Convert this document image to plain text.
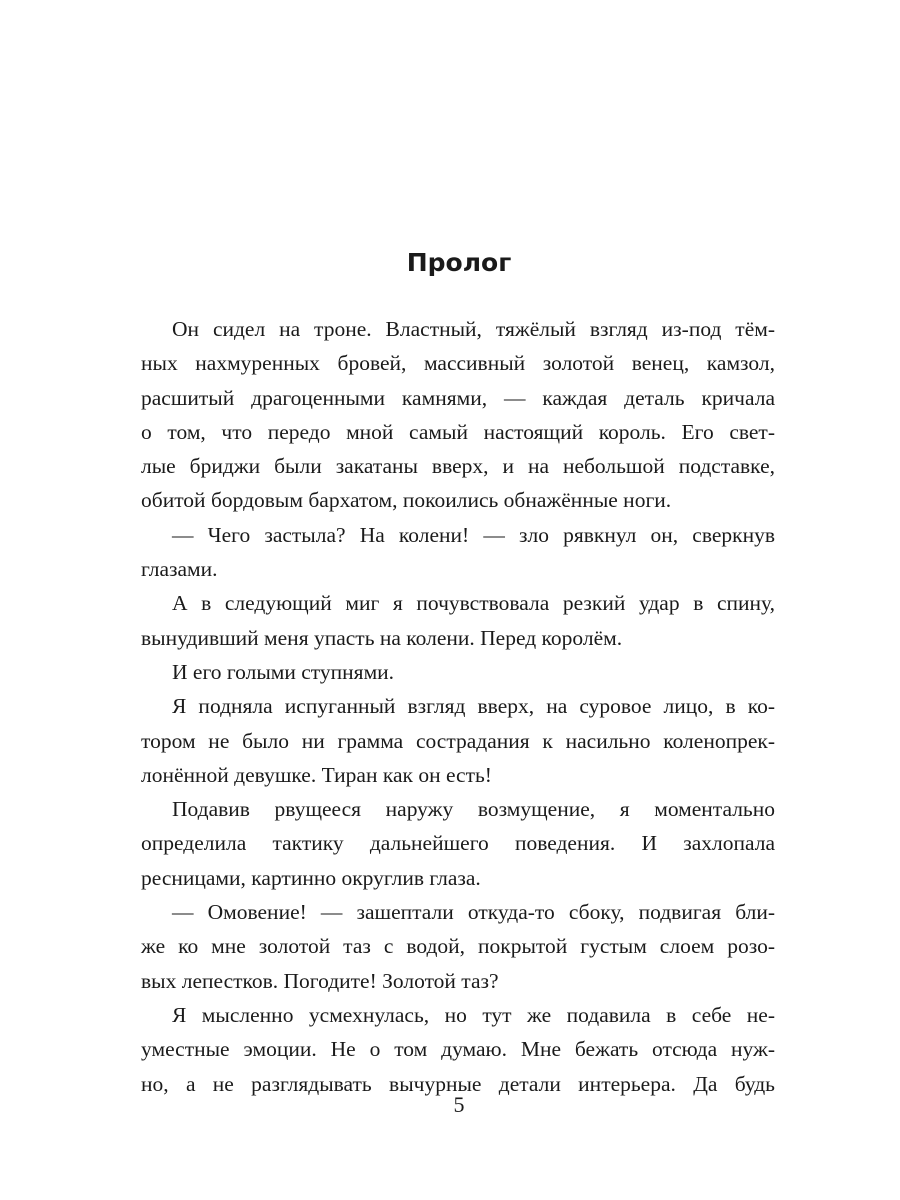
Пролог
Он сидел на троне. Властный, тяжёлый взгляд из-под тём-
ных нахмуренных бровей, массивный золотой венец, камзол,
расшитый драгоценными камнями, — каждая деталь кричала
о том, что передо мной самый настоящий король. Его свет-
лые бриджи были закатаны вверх, и на небольшой подставке,
обитой бордовым бархатом, покоились обнажённые ноги.
— Чего застыла? На колени! — зло рявкнул он, сверкнув
глазами.
А в следующий миг я почувствовала резкий удар в спину,
вынудивший меня упасть на колени. Перед королём.
И его голыми ступнями.
Я подняла испуганный взгляд вверх, на суровое лицо, в ко-
тором не было ни грамма сострадания к насильно коленопрек-
лонённой девушке. Тиран как он есть!
Подавив рвущееся наружу возмущение, я моментально
определила тактику дальнейшего поведения. И захлопала
ресницами, картинно округлив глаза.
— Омовение! — зашептали откуда-то сбоку, подвигая бли-
же ко мне золотой таз с водой, покрытой густым слоем розо-
вых лепестков. Погодите! Золотой таз?
Я мысленно усмехнулась, но тут же подавила в себе не-
уместные эмоции. Не о том думаю. Мне бежать отсюда нуж-
но, а не разглядывать вычурные детали интерьера. Да будь
5
